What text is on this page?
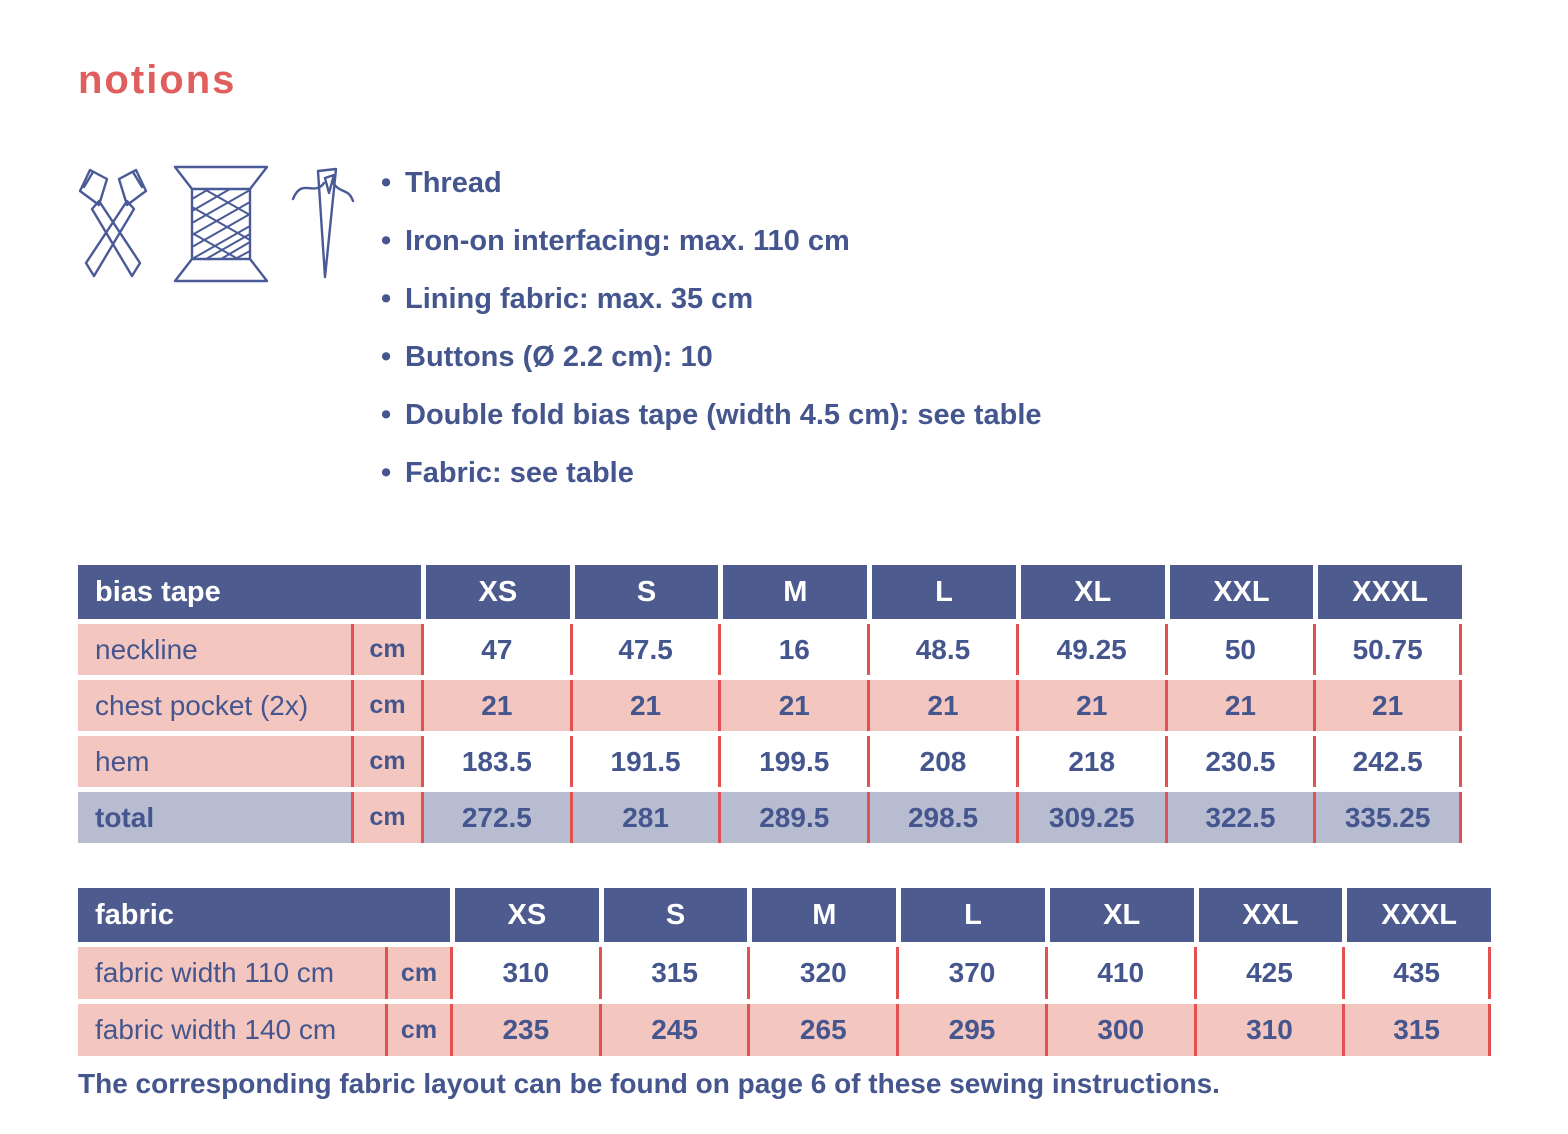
notions
• Thread
• Iron-on interfacing: max. 110 cm
• Lining fabric: max. 35 cm
• Buttons (Ø 2.2 cm): 10
• Double fold bias tape (width 4.5 cm): see table
• Fabric: see table
bias tape	XS	S	M	L	XL	XXL	XXXL
neckline	cm	47	47.5	16	48.5	49.25	50	50.75
chest pocket (2x)	cm	21	21	21	21	21	21	21
hem	cm	183.5	191.5	199.5	208	218	230.5	242.5
total	cm	272.5	281	289.5	298.5	309.25	322.5	335.25
fabric	XS	S	M	L	XL	XXL	XXXL
fabric width 110 cm	cm	310	315	320	370	410	425	435
fabric width 140 cm	cm	235	245	265	295	300	310	315
The corresponding fabric layout can be found on page 6 of these sewing instructions.
